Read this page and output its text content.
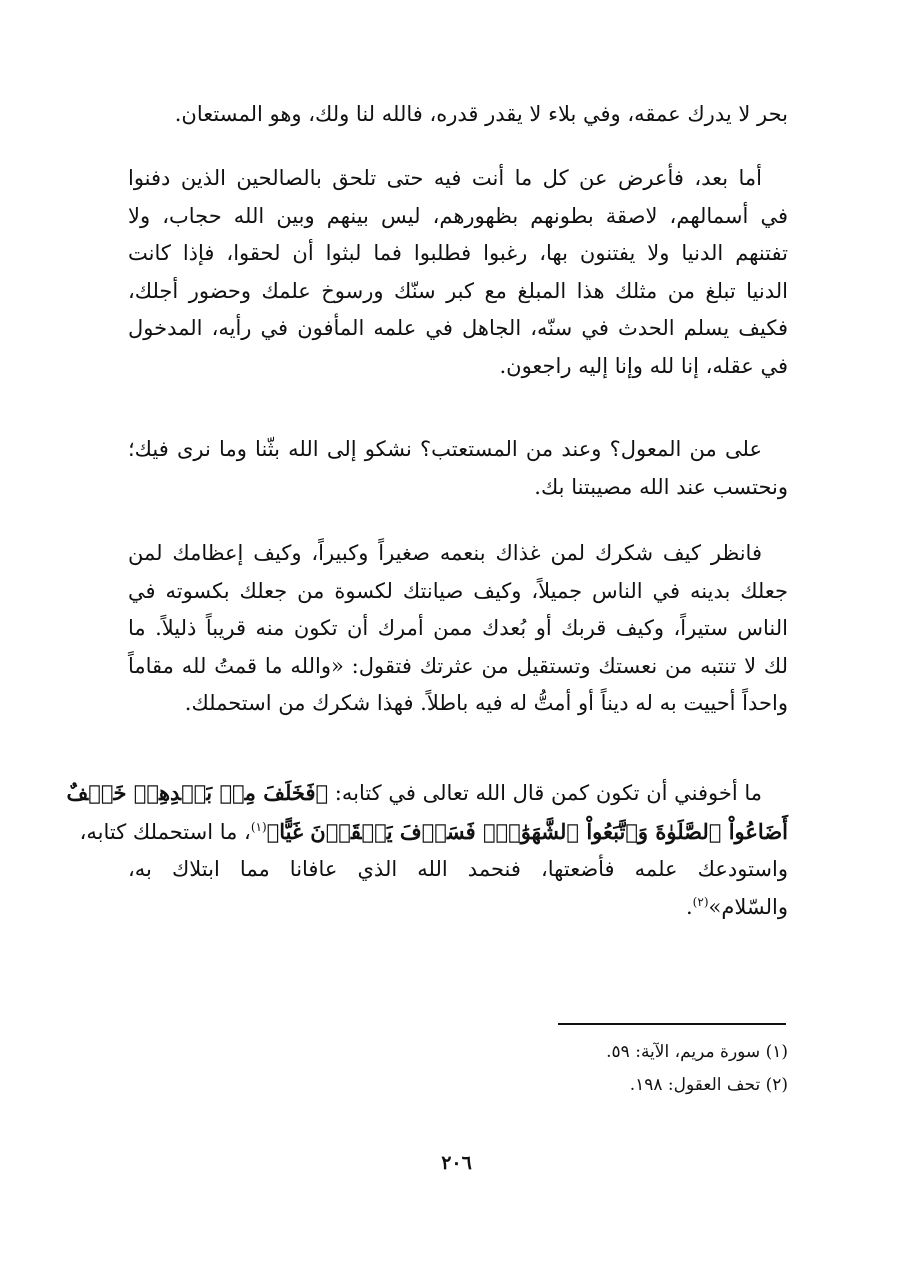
بحر لا يدرك عمقه، وفي بلاء لا يقدر قدره، فالله لنا ولك، وهو المستعان.
أما بعد، فأعرض عن كل ما أنت فيه حتى تلحق بالصالحين الذين دفنوا
في أسمالهم، لاصقة بطونهم بظهورهم، ليس بينهم وبين الله حجاب، ولا
تفتنهم الدنيا ولا يفتنون بها، رغبوا فطلبوا فما لبثوا أن لحقوا، فإذا كانت
الدنيا تبلغ من مثلك هذا المبلغ مع كبر سنّك ورسوخ علمك وحضور أجلك،
فكيف يسلم الحدث في سنّه، الجاهل في علمه المأفون في رأيه، المدخول
في عقله، إنا لله وإنا إليه راجعون.
على من المعول؟ وعند من المستعتب؟ نشكو إلى الله بثّنا وما نرى فيك؛
ونحتسب عند الله مصيبتنا بك.
فانظر كيف شكرك لمن غذاك بنعمه صغيراً وكبيراً، وكيف إعظامك لمن
جعلك بدينه في الناس جميلاً، وكيف صيانتك لكسوة من جعلك بكسوته في
الناس ستيراً، وكيف قربك أو بُعدك ممن أمرك أن تكون منه قريباً ذليلاً. ما
لك لا تنتبه من نعستك وتستقيل من عثرتك فتقول: «والله ما قمتُ لله مقاماً
واحداً أحييت به له ديناً أو أمتُّ له فيه باطلاً. فهذا شكرك من استحملك.
ما أخوفني أن تكون كمن قال الله تعالى في كتابه: ﴿فَخَلَفَ مِنۢ بَعۡدِهِمۡ خَلۡفٌ
أَضَاعُواْ ٱلصَّلَوٰةَ وَٱتَّبَعُواْ ٱلشَّهَوَٰتِۖ فَسَوۡفَ يَلۡقَوۡنَ غَيًّا﴾$^{(١)}$، ما استحملك كتابه،
واستودعك علمه فأضعتها، فنحمد الله الذي عافانا مما ابتلاك به،
والسّلام»$^{(٢)}$.
(١) سورة مريم، الآية: ٥٩.
(٢) تحف العقول: ١٩٨.
٢٠٦
